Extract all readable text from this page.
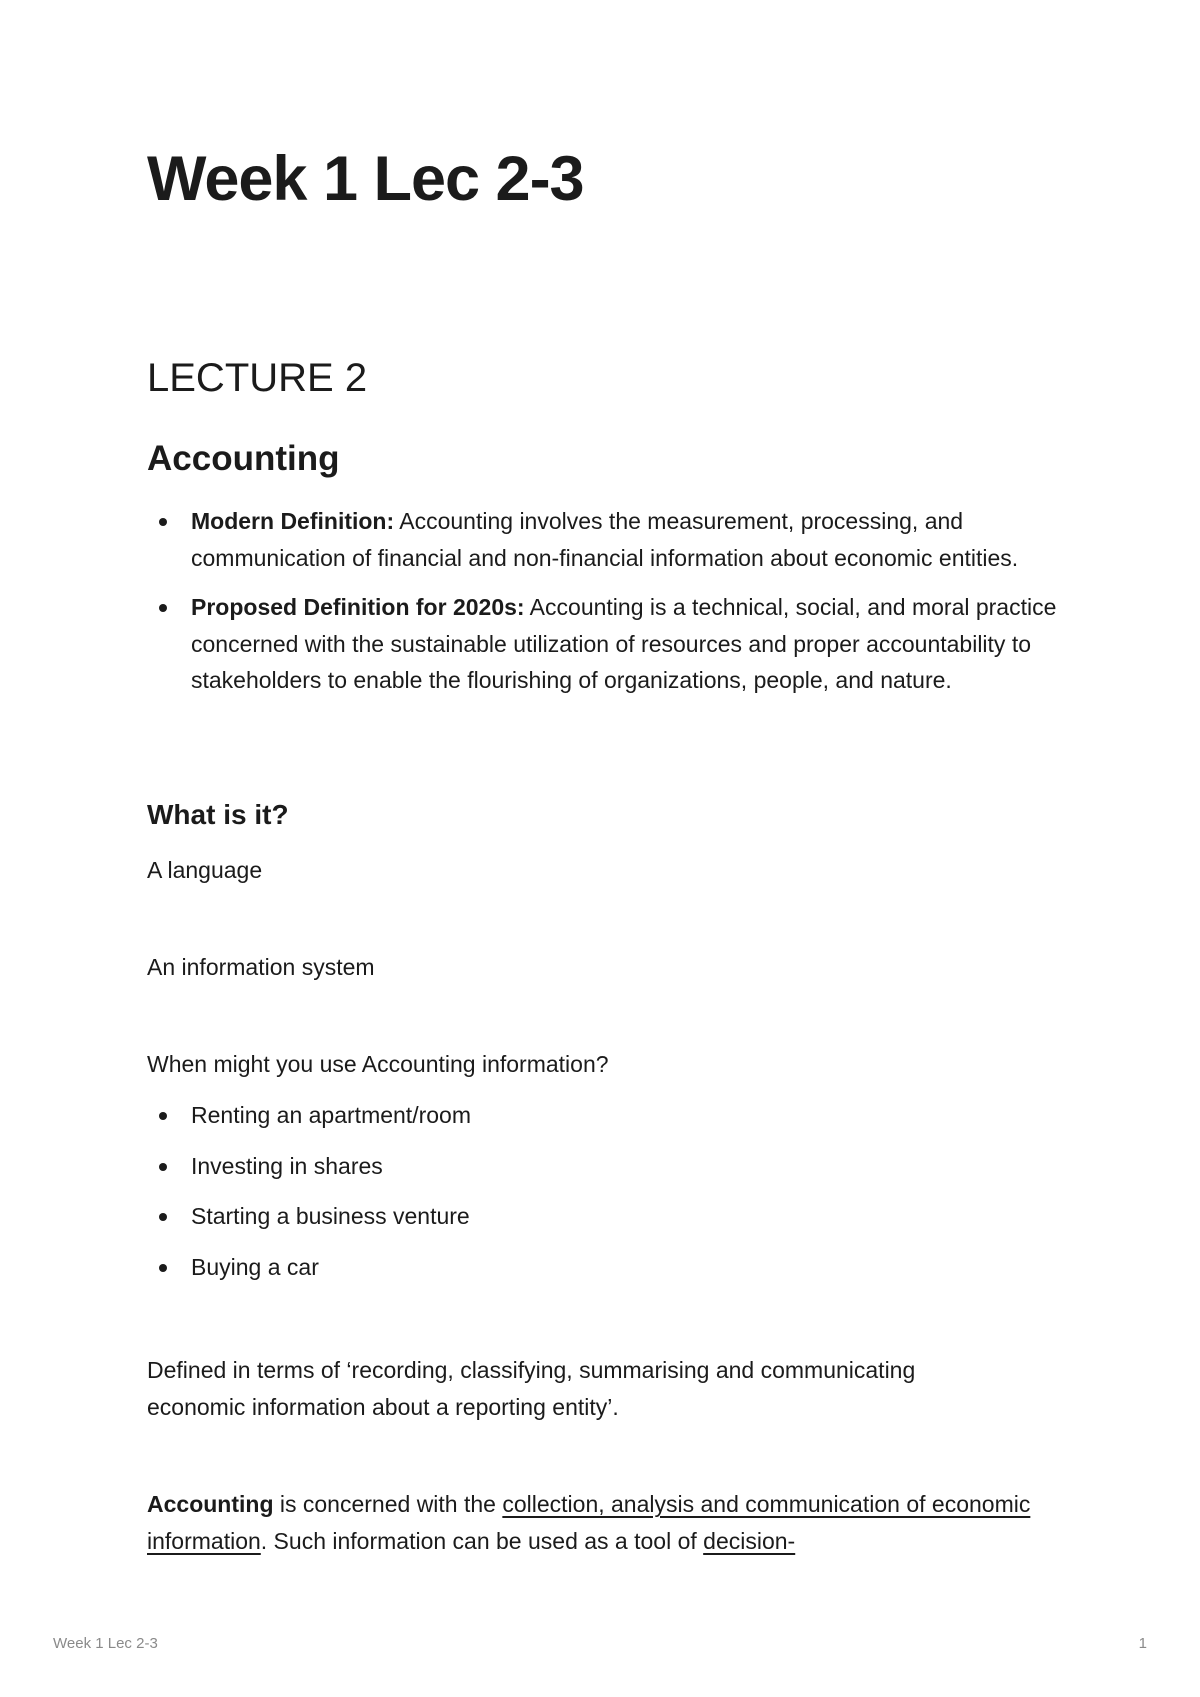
Week 1 Lec 2-3
LECTURE 2
Accounting
Modern Definition: Accounting involves the measurement, processing, and communication of financial and non-financial information about economic entities.
Proposed Definition for 2020s: Accounting is a technical, social, and moral practice concerned with the sustainable utilization of resources and proper accountability to stakeholders to enable the flourishing of organizations, people, and nature.
What is it?

A language

An information system

When might you use Accounting information?

Renting an apartment/room
Investing in shares
Starting a business venture
Buying a car

Defined in terms of ‘recording, classifying, summarising and communicating
economic information about a reporting entity’.

Accounting is concerned with the collection, analysis and communication of economic information. Such information can be used as a tool of decision-

Week 1 Lec 2-3	1
